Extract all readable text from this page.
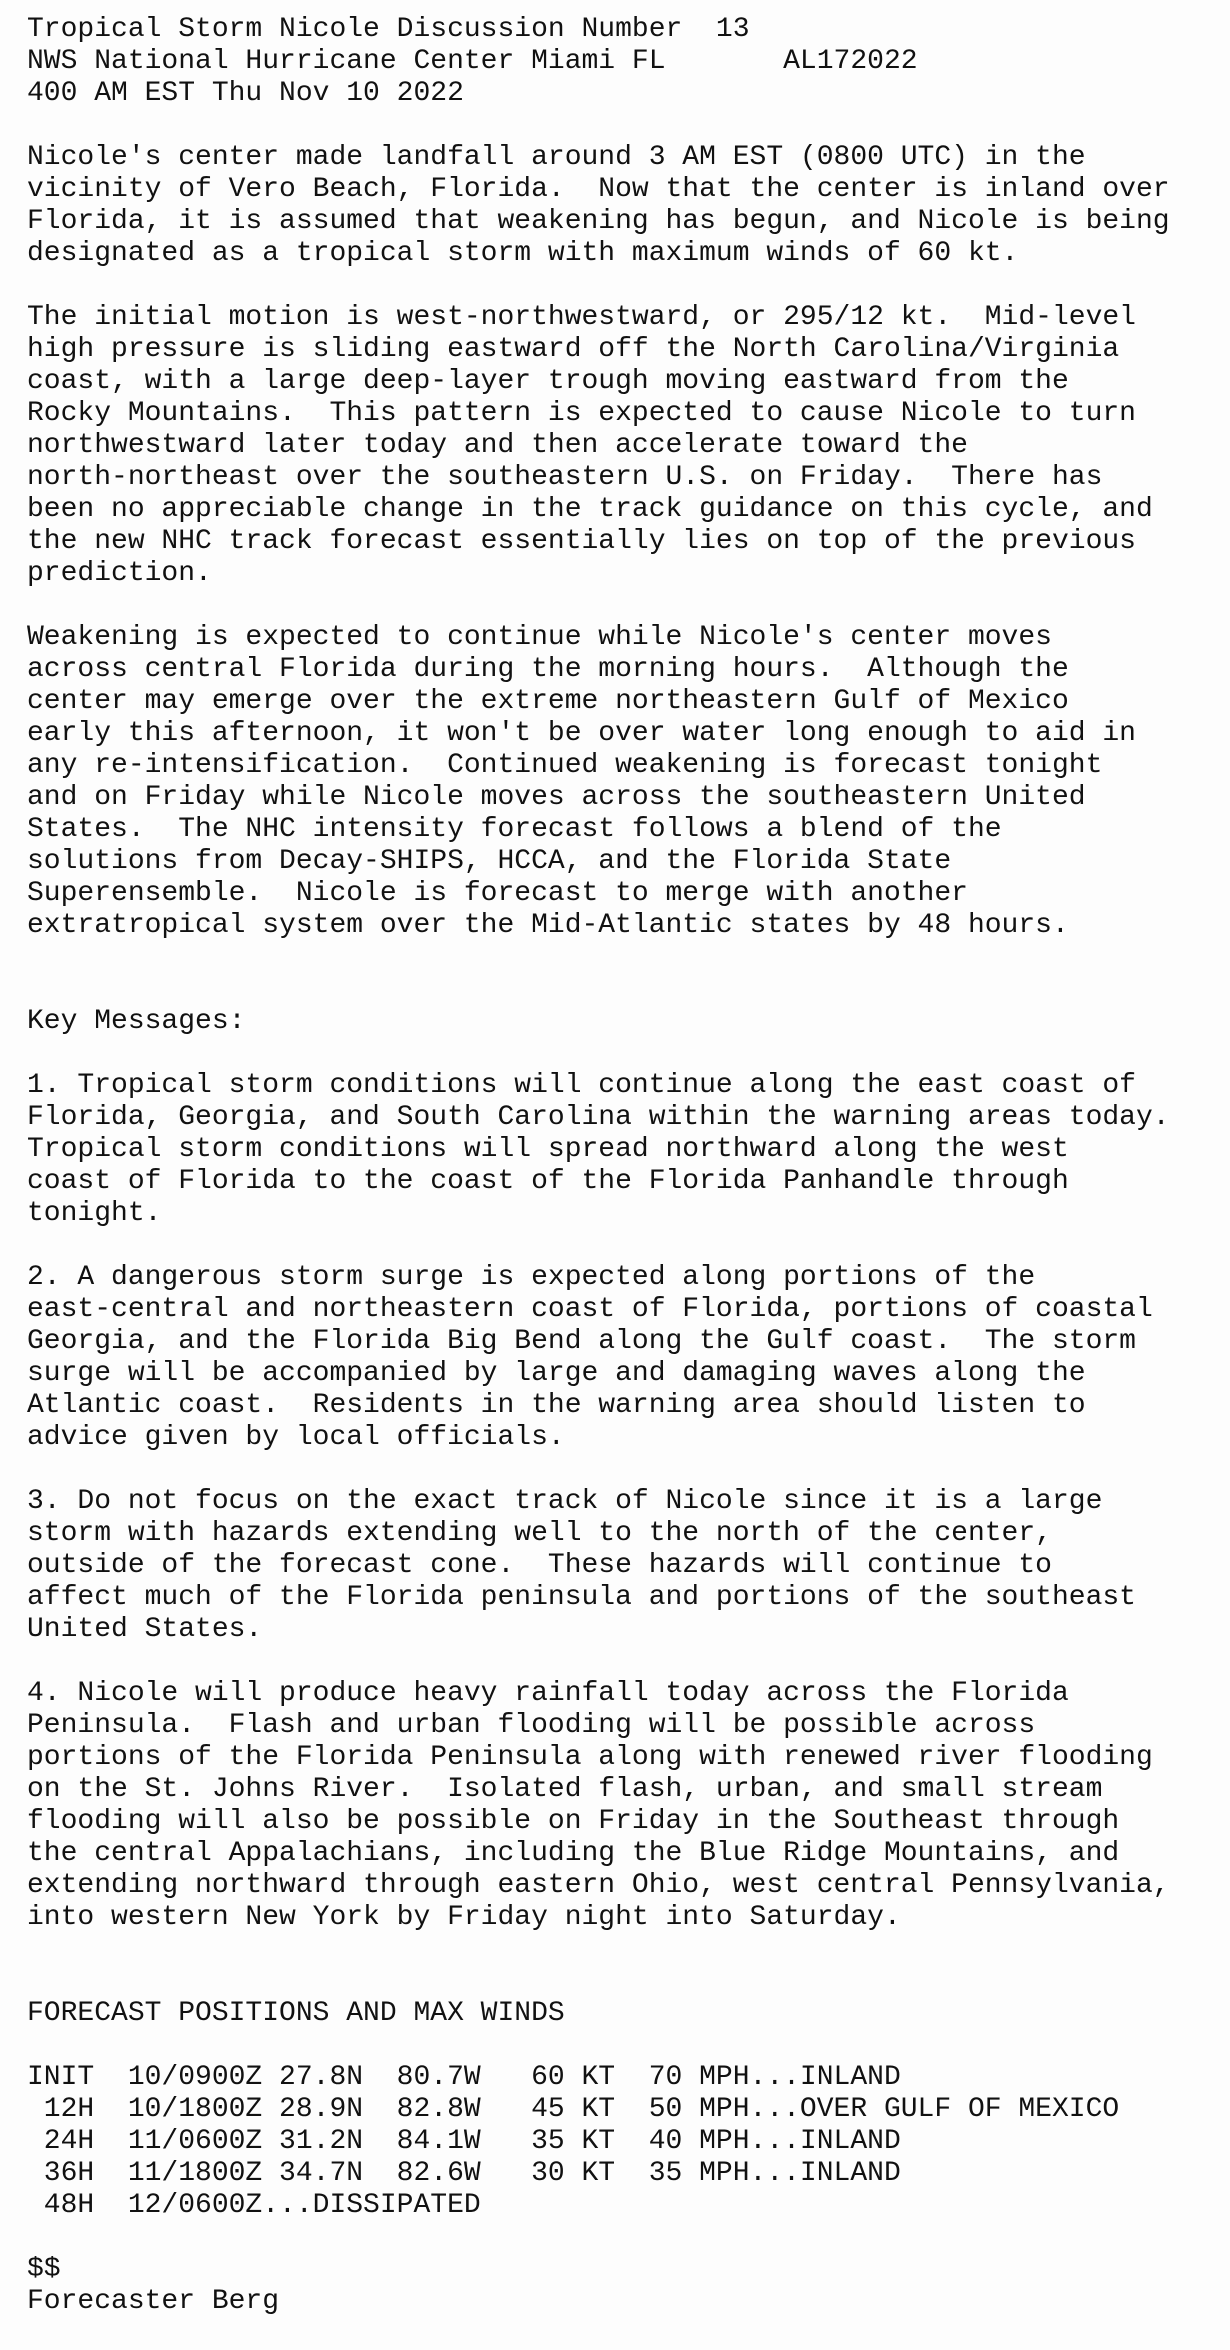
Tropical Storm Nicole Discussion Number  13
NWS National Hurricane Center Miami FL       AL172022
400 AM EST Thu Nov 10 2022
Nicole's center made landfall around 3 AM EST (0800 UTC) in the
vicinity of Vero Beach, Florida.  Now that the center is inland over
Florida, it is assumed that weakening has begun, and Nicole is being
designated as a tropical storm with maximum winds of 60 kt.
The initial motion is west-northwestward, or 295/12 kt.  Mid-level
high pressure is sliding eastward off the North Carolina/Virginia
coast, with a large deep-layer trough moving eastward from the
Rocky Mountains.  This pattern is expected to cause Nicole to turn
northwestward later today and then accelerate toward the
north-northeast over the southeastern U.S. on Friday.  There has
been no appreciable change in the track guidance on this cycle, and
the new NHC track forecast essentially lies on top of the previous
prediction.
Weakening is expected to continue while Nicole's center moves
across central Florida during the morning hours.  Although the
center may emerge over the extreme northeastern Gulf of Mexico
early this afternoon, it won't be over water long enough to aid in
any re-intensification.  Continued weakening is forecast tonight
and on Friday while Nicole moves across the southeastern United
States.  The NHC intensity forecast follows a blend of the
solutions from Decay-SHIPS, HCCA, and the Florida State
Superensemble.  Nicole is forecast to merge with another
extratropical system over the Mid-Atlantic states by 48 hours.
Key Messages:
1. Tropical storm conditions will continue along the east coast of
Florida, Georgia, and South Carolina within the warning areas today.
Tropical storm conditions will spread northward along the west
coast of Florida to the coast of the Florida Panhandle through
tonight.
2. A dangerous storm surge is expected along portions of the
east-central and northeastern coast of Florida, portions of coastal
Georgia, and the Florida Big Bend along the Gulf coast.  The storm
surge will be accompanied by large and damaging waves along the
Atlantic coast.  Residents in the warning area should listen to
advice given by local officials.
3. Do not focus on the exact track of Nicole since it is a large
storm with hazards extending well to the north of the center,
outside of the forecast cone.  These hazards will continue to
affect much of the Florida peninsula and portions of the southeast
United States.
4. Nicole will produce heavy rainfall today across the Florida
Peninsula.  Flash and urban flooding will be possible across
portions of the Florida Peninsula along with renewed river flooding
on the St. Johns River.  Isolated flash, urban, and small stream
flooding will also be possible on Friday in the Southeast through
the central Appalachians, including the Blue Ridge Mountains, and
extending northward through eastern Ohio, west central Pennsylvania,
into western New York by Friday night into Saturday.
FORECAST POSITIONS AND MAX WINDS
INIT  10/0900Z 27.8N  80.7W   60 KT  70 MPH...INLAND
12H  10/1800Z 28.9N  82.8W   45 KT  50 MPH...OVER GULF OF MEXICO
24H  11/0600Z 31.2N  84.1W   35 KT  40 MPH...INLAND
36H  11/1800Z 34.7N  82.6W   30 KT  35 MPH...INLAND
48H  12/0600Z...DISSIPATED
$$
Forecaster Berg
